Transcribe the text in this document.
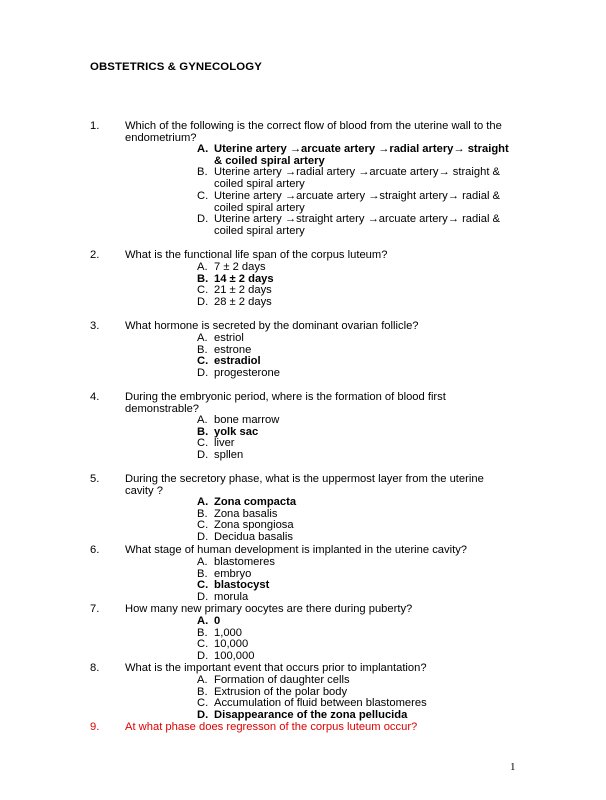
OBSTETRICS & GYNECOLOGY
1. Which of the following is the correct flow of blood from the uterine wall to the endometrium?
A. Uterine artery →arcuate artery →radial artery→ straight & coiled spiral artery
B. Uterine artery →radial artery →arcuate artery→ straight & coiled spiral artery
C. Uterine artery →arcuate artery →straight artery→ radial & coiled spiral artery
D. Uterine artery →straight artery →arcuate artery→ radial & coiled spiral artery
2. What is the functional life span of the corpus luteum?
A. 7 ± 2 days
B. 14 ± 2 days
C. 21 ± 2 days
D. 28 ± 2 days
3. What hormone is secreted by the dominant ovarian follicle?
A. estriol
B. estrone
C. estradiol
D. progesterone
4. During the embryonic period, where is the formation of blood first demonstrable?
A. bone marrow
B. yolk sac
C. liver
D. spllen
5. During the secretory phase, what is the uppermost layer from the uterine cavity ?
A. Zona compacta
B. Zona basalis
C. Zona spongiosa
D. Decidua basalis
6. What stage of human development is implanted in the uterine cavity?
A. blastomeres
B. embryo
C. blastocyst
D. morula
7. How many new primary oocytes are there during puberty?
A. 0
B. 1,000
C. 10,000
D. 100,000
8. What is the important event that occurs prior to implantation?
A. Formation of daughter cells
B. Extrusion of the polar body
C. Accumulation of fluid between blastomeres
D. Disappearance of the zona pellucida
9. At what phase does regresson of the corpus luteum occur?
1
